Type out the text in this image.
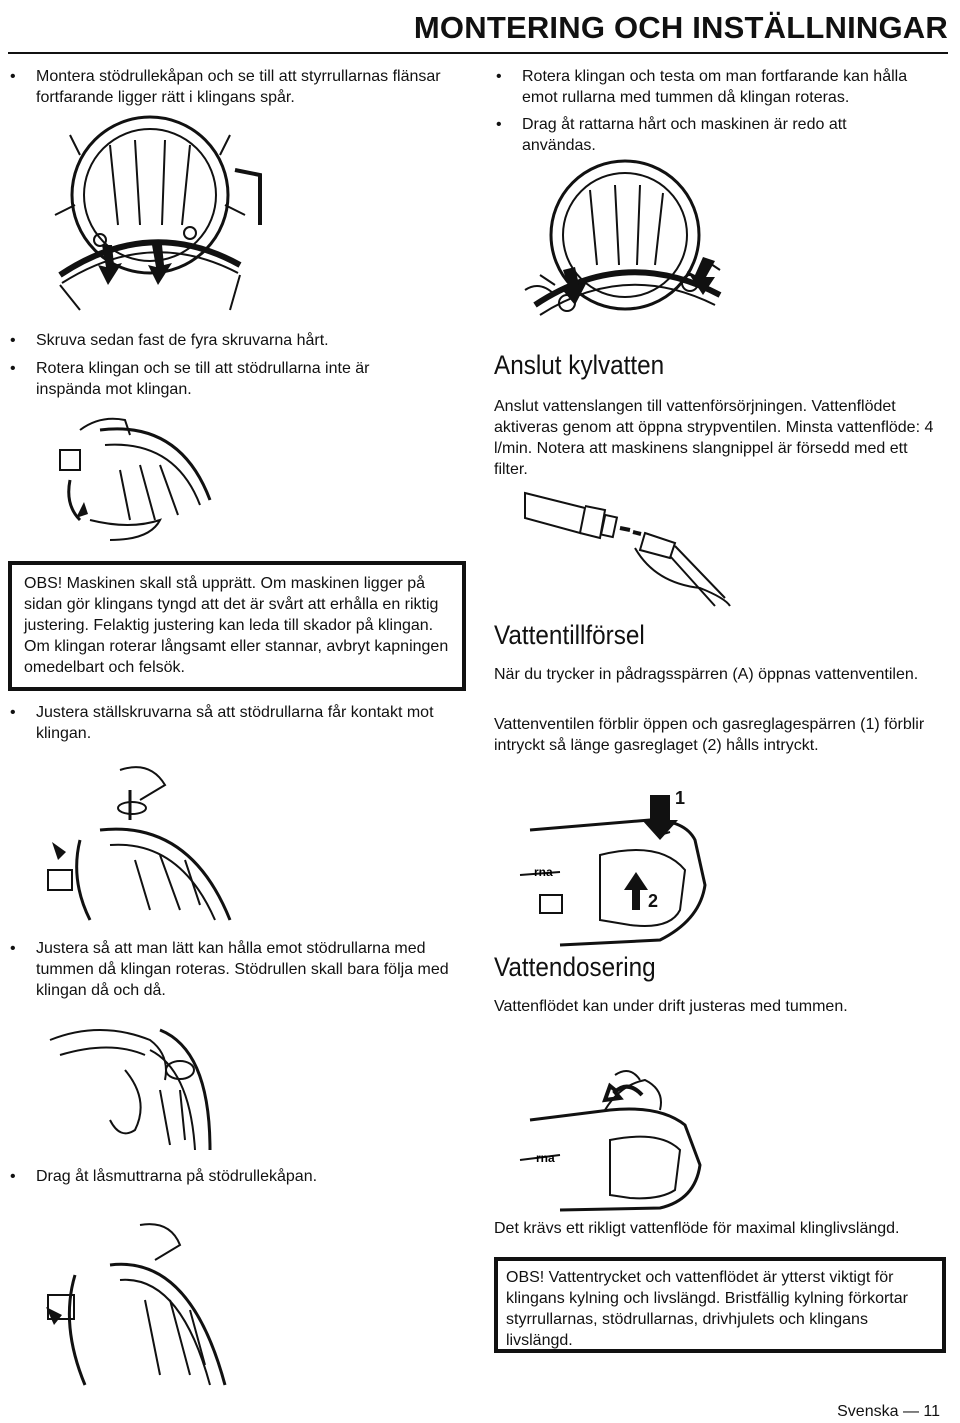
MONTERING OCH INSTÄLLNINGAR
• Montera stödrullekåpan och se till att styrrullarnas flänsar fortfarande ligger rätt i klingans spår.
• Skruva sedan fast de fyra skruvarna hårt.
• Rotera klingan och se till att stödrullarna inte är inspända mot klingan.
OBS! Maskinen skall stå upprätt. Om maskinen ligger på sidan gör klingans tyngd att det är svårt att erhålla en riktig justering. Felaktig justering kan leda till skador på klingan. Om klingan roterar långsamt eller stannar, avbryt kapningen omedelbart och felsök.
• Justera ställskruvarna så att stödrullarna får kontakt mot klingan.
• Justera så att man lätt kan hålla emot stödrullarna med tummen då klingan roteras. Stödrullen skall bara följa med klingan då och då.
• Drag åt låsmuttrarna på stödrullekåpan.
• Rotera klingan och testa om man fortfarande kan hålla emot rullarna med tummen då klingan roteras.
• Drag åt rattarna hårt och maskinen är redo att användas.
Anslut kylvatten
Anslut vattenslangen till vattenförsörjningen. Vattenflödet aktiveras genom att öppna strypventilen. Minsta vattenflöde: 4 l/min. Notera att maskinens slangnippel är försedd med ett filter.
Vattentillförsel
När du trycker in pådragsspärren (A) öppnas vattenventilen.
Vattenventilen förblir öppen och gasreglagespärren (1) förblir intryckt så länge gasreglaget (2) hålls intryckt.
rna
1
2
Vattendosering
Vattenflödet kan under drift justeras med tummen.
rna
Det krävs ett rikligt vattenflöde för maximal klinglivslängd.
OBS! Vattentrycket och vattenflödet är ytterst viktigt för klingans kylning och livslängd. Bristfällig kylning förkortar styrrullarnas, stödrullarnas, drivhjulets och klingans livslängd.
Svenska — 11
